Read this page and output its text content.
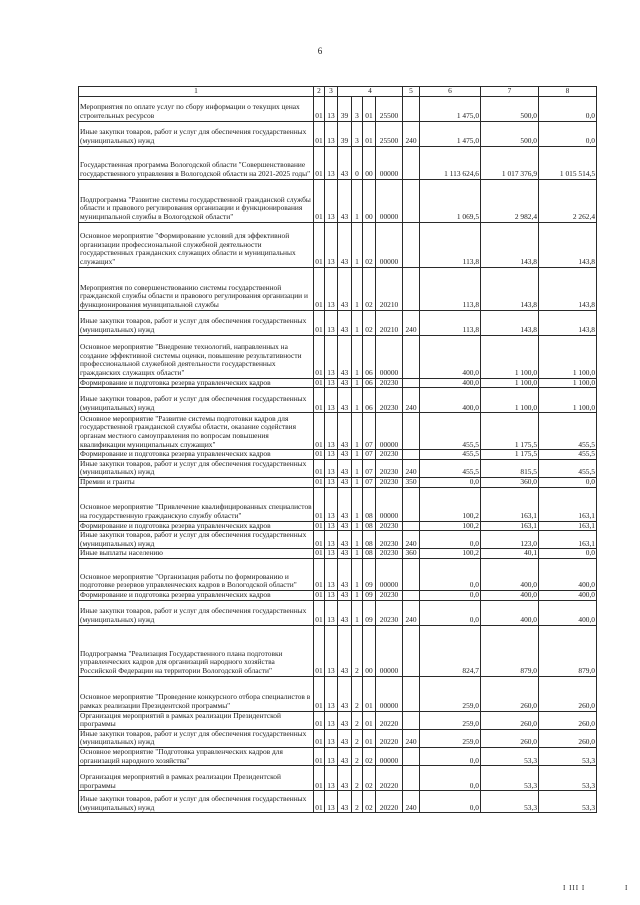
6
1	2	3	4				5	6	7	8
Мероприятия по оплате услуг по сбору информации о текущих ценах строительных ресурсов	01	13	39	3	01	25500		1 475,0	500,0	0,0
Иные закупки товаров, работ и услуг для обеспечения государственных (муниципальных) нужд	01	13	39	3	01	25500	240	1 475,0	500,0	0,0
Государственная программа Вологодской области "Совершенствование государственного управления в Вологодской области на 2021-2025 годы"	01	13	43	0	00	00000		1 113 624,6	1 017 376,9	1 015 514,5
Подпрограмма "Развитие системы государственной гражданской службы области и правового регулирования организации и функционирования муниципальной службы в Вологодской области"	01	13	43	1	00	00000		1 069,5	2 982,4	2 262,4
Основное мероприятие "Формирование условий для эффективной организации профессиональной служебной деятельности государственных гражданских служащих области и муниципальных служащих"	01	13	43	1	02	00000		113,8	143,8	143,8
Мероприятия по совершенствованию системы государственной гражданской службы области и правового регулирования организации и функционирования муниципальной службы	01	13	43	1	02	20210		113,8	143,8	143,8
Иные закупки товаров, работ и услуг для обеспечения государственных (муниципальных) нужд	01	13	43	1	02	20210	240	113,8	143,8	143,8
Основное мероприятие "Внедрение технологий, направленных на создание эффективной системы оценки, повышение результативности профессиональной служебной деятельности государственных гражданских служащих области"	01	13	43	1	06	00000		400,0	1 100,0	1 100,0
Формирование и подготовка резерва управленческих кадров	01	13	43	1	06	20230		400,0	1 100,0	1 100,0
Иные закупки товаров, работ и услуг для обеспечения государственных (муниципальных) нужд	01	13	43	1	06	20230	240	400,0	1 100,0	1 100,0
Основное мероприятие "Развитие системы подготовки кадров для государственной гражданской службы области, оказание содействия органам местного самоуправления по вопросам повышения квалификации муниципальных служащих"	01	13	43	1	07	00000		455,5	1 175,5	455,5
Формирование и подготовка резерва управленческих кадров	01	13	43	1	07	20230		455,5	1 175,5	455,5
Иные закупки товаров, работ и услуг для обеспечения государственных (муниципальных) нужд	01	13	43	1	07	20230	240	455,5	815,5	455,5
Премии и гранты	01	13	43	1	07	20230	350	0,0	360,0	0,0
Основное мероприятие "Привлечение квалифицированных специалистов на государственную гражданскую службу области"	01	13	43	1	08	00000		100,2	163,1	163,1
Формирование и подготовка резерва управленческих кадров	01	13	43	1	08	20230		100,2	163,1	163,1
Иные закупки товаров, работ и услуг для обеспечения государственных (муниципальных) нужд	01	13	43	1	08	20230	240	0,0	123,0	163,1
Иные выплаты населению	01	13	43	1	08	20230	360	100,2	40,1	0,0
Основное мероприятие "Организация работы по формированию и подготовке резервов управленческих кадров в Вологодской области"	01	13	43	1	09	00000		0,0	400,0	400,0
Формирование и подготовка резерва управленческих кадров	01	13	43	1	09	20230		0,0	400,0	400,0
Иные закупки товаров, работ и услуг для обеспечения государственных (муниципальных) нужд	01	13	43	1	09	20230	240	0,0	400,0	400,0
Подпрограмма "Реализация Государственного плана подготовки управленческих кадров для организаций народного хозяйства Российской Федерации на территории Вологодской области"	01	13	43	2	00	00000		824,7	879,0	879,0
Основное мероприятие "Проведение конкурсного отбора специалистов в рамках реализации Президентской программы"	01	13	43	2	01	00000		259,0	260,0	260,0
Организация мероприятий в рамках реализации Президентской программы	01	13	43	2	01	20220		259,0	260,0	260,0
Иные закупки товаров, работ и услуг для обеспечения государственных (муниципальных) нужд	01	13	43	2	01	20220	240	259,0	260,0	260,0
Основное мероприятие "Подготовка управленческих кадров для организаций народного хозяйства"	01	13	43	2	02	00000		0,0	53,3	53,3
Организация мероприятий в рамках реализации Президентской программы	01	13	43	2	02	20220		0,0	53,3	53,3
Иные закупки товаров, работ и услуг для обеспечения государственных (муниципальных) нужд	01	13	43	2	02	20220	240	0,0	53,3	53,3
I III I	I
